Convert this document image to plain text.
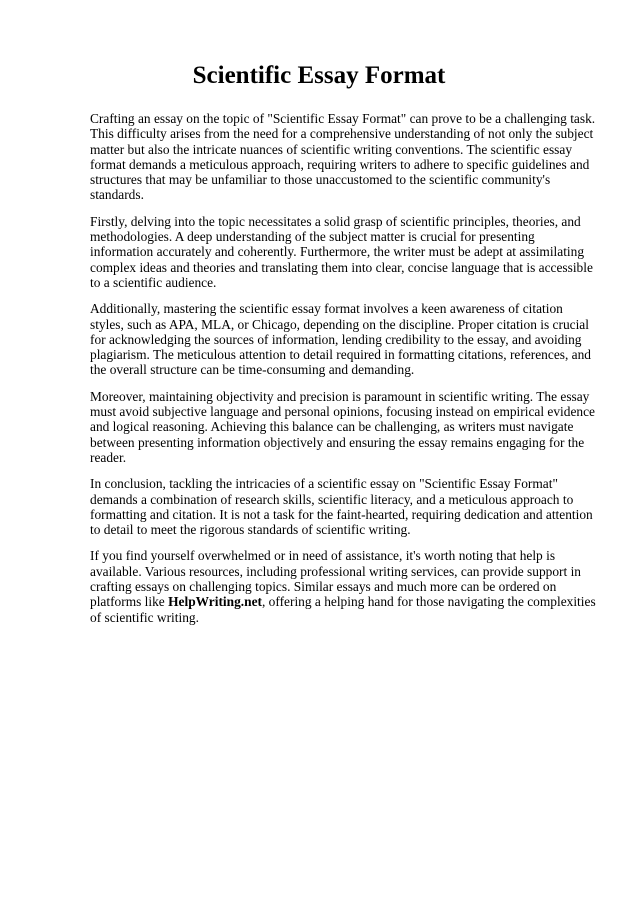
Scientific Essay Format

Crafting an essay on the topic of "Scientific Essay Format" can prove to be a challenging task. This difficulty arises from the need for a comprehensive understanding of not only the subject matter but also the intricate nuances of scientific writing conventions. The scientific essay format demands a meticulous approach, requiring writers to adhere to specific guidelines and structures that may be unfamiliar to those unaccustomed to the scientific community's standards.

Firstly, delving into the topic necessitates a solid grasp of scientific principles, theories, and methodologies. A deep understanding of the subject matter is crucial for presenting information accurately and coherently. Furthermore, the writer must be adept at assimilating complex ideas and theories and translating them into clear, concise language that is accessible to a scientific audience.

Additionally, mastering the scientific essay format involves a keen awareness of citation styles, such as APA, MLA, or Chicago, depending on the discipline. Proper citation is crucial for acknowledging the sources of information, lending credibility to the essay, and avoiding plagiarism. The meticulous attention to detail required in formatting citations, references, and the overall structure can be time-consuming and demanding.

Moreover, maintaining objectivity and precision is paramount in scientific writing. The essay must avoid subjective language and personal opinions, focusing instead on empirical evidence and logical reasoning. Achieving this balance can be challenging, as writers must navigate between presenting information objectively and ensuring the essay remains engaging for the reader.

In conclusion, tackling the intricacies of a scientific essay on "Scientific Essay Format" demands a combination of research skills, scientific literacy, and a meticulous approach to formatting and citation. It is not a task for the faint-hearted, requiring dedication and attention to detail to meet the rigorous standards of scientific writing.

If you find yourself overwhelmed or in need of assistance, it's worth noting that help is available. Various resources, including professional writing services, can provide support in crafting essays on challenging topics. Similar essays and much more can be ordered on platforms like HelpWriting.net, offering a helping hand for those navigating the complexities of scientific writing.
